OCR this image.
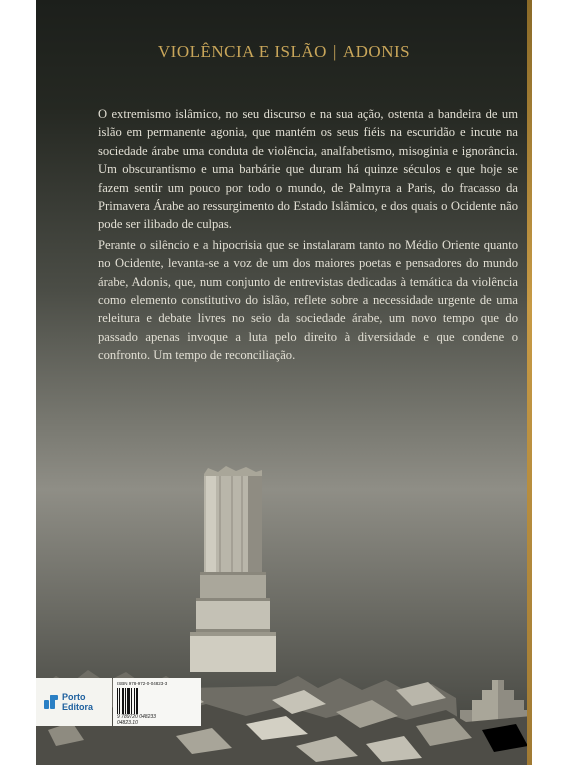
VIOLÊNCIA E ISLÃO | ADONIS

O extremismo islâmico, no seu discurso e na sua ação, ostenta a bandeira de um islão em permanente agonia, que mantém os seus fiéis na escuridão e incute na sociedade árabe uma conduta de violência, analfabetismo, misoginia e ignorância. Um obscurantismo e uma barbárie que duram há quinze séculos e que hoje se fazem sentir um pouco por todo o mundo, de Palmyra a Paris, do fracasso da Primavera Árabe ao ressurgimento do Estado Islâmico, e dos quais o Ocidente não pode ser ilibado de culpas.

Perante o silêncio e a hipocrisia que se instalaram tanto no Médio Oriente quanto no Ocidente, levanta-se a voz de um dos maiores poetas e pensadores do mundo árabe, Adonis, que, num conjunto de entrevistas dedicadas à temática da violência como elemento constitutivo do islão, reflete sobre a necessidade urgente de uma releitura e debate livres no seio da sociedade árabe, um novo tempo que do passado apenas invoque a luta pelo direito à diversidade e que condene o confronto. Um tempo de reconciliação.

Porto
Editora
ISBN 978-972-0-04823-3
9 789720 048233
04823.10
